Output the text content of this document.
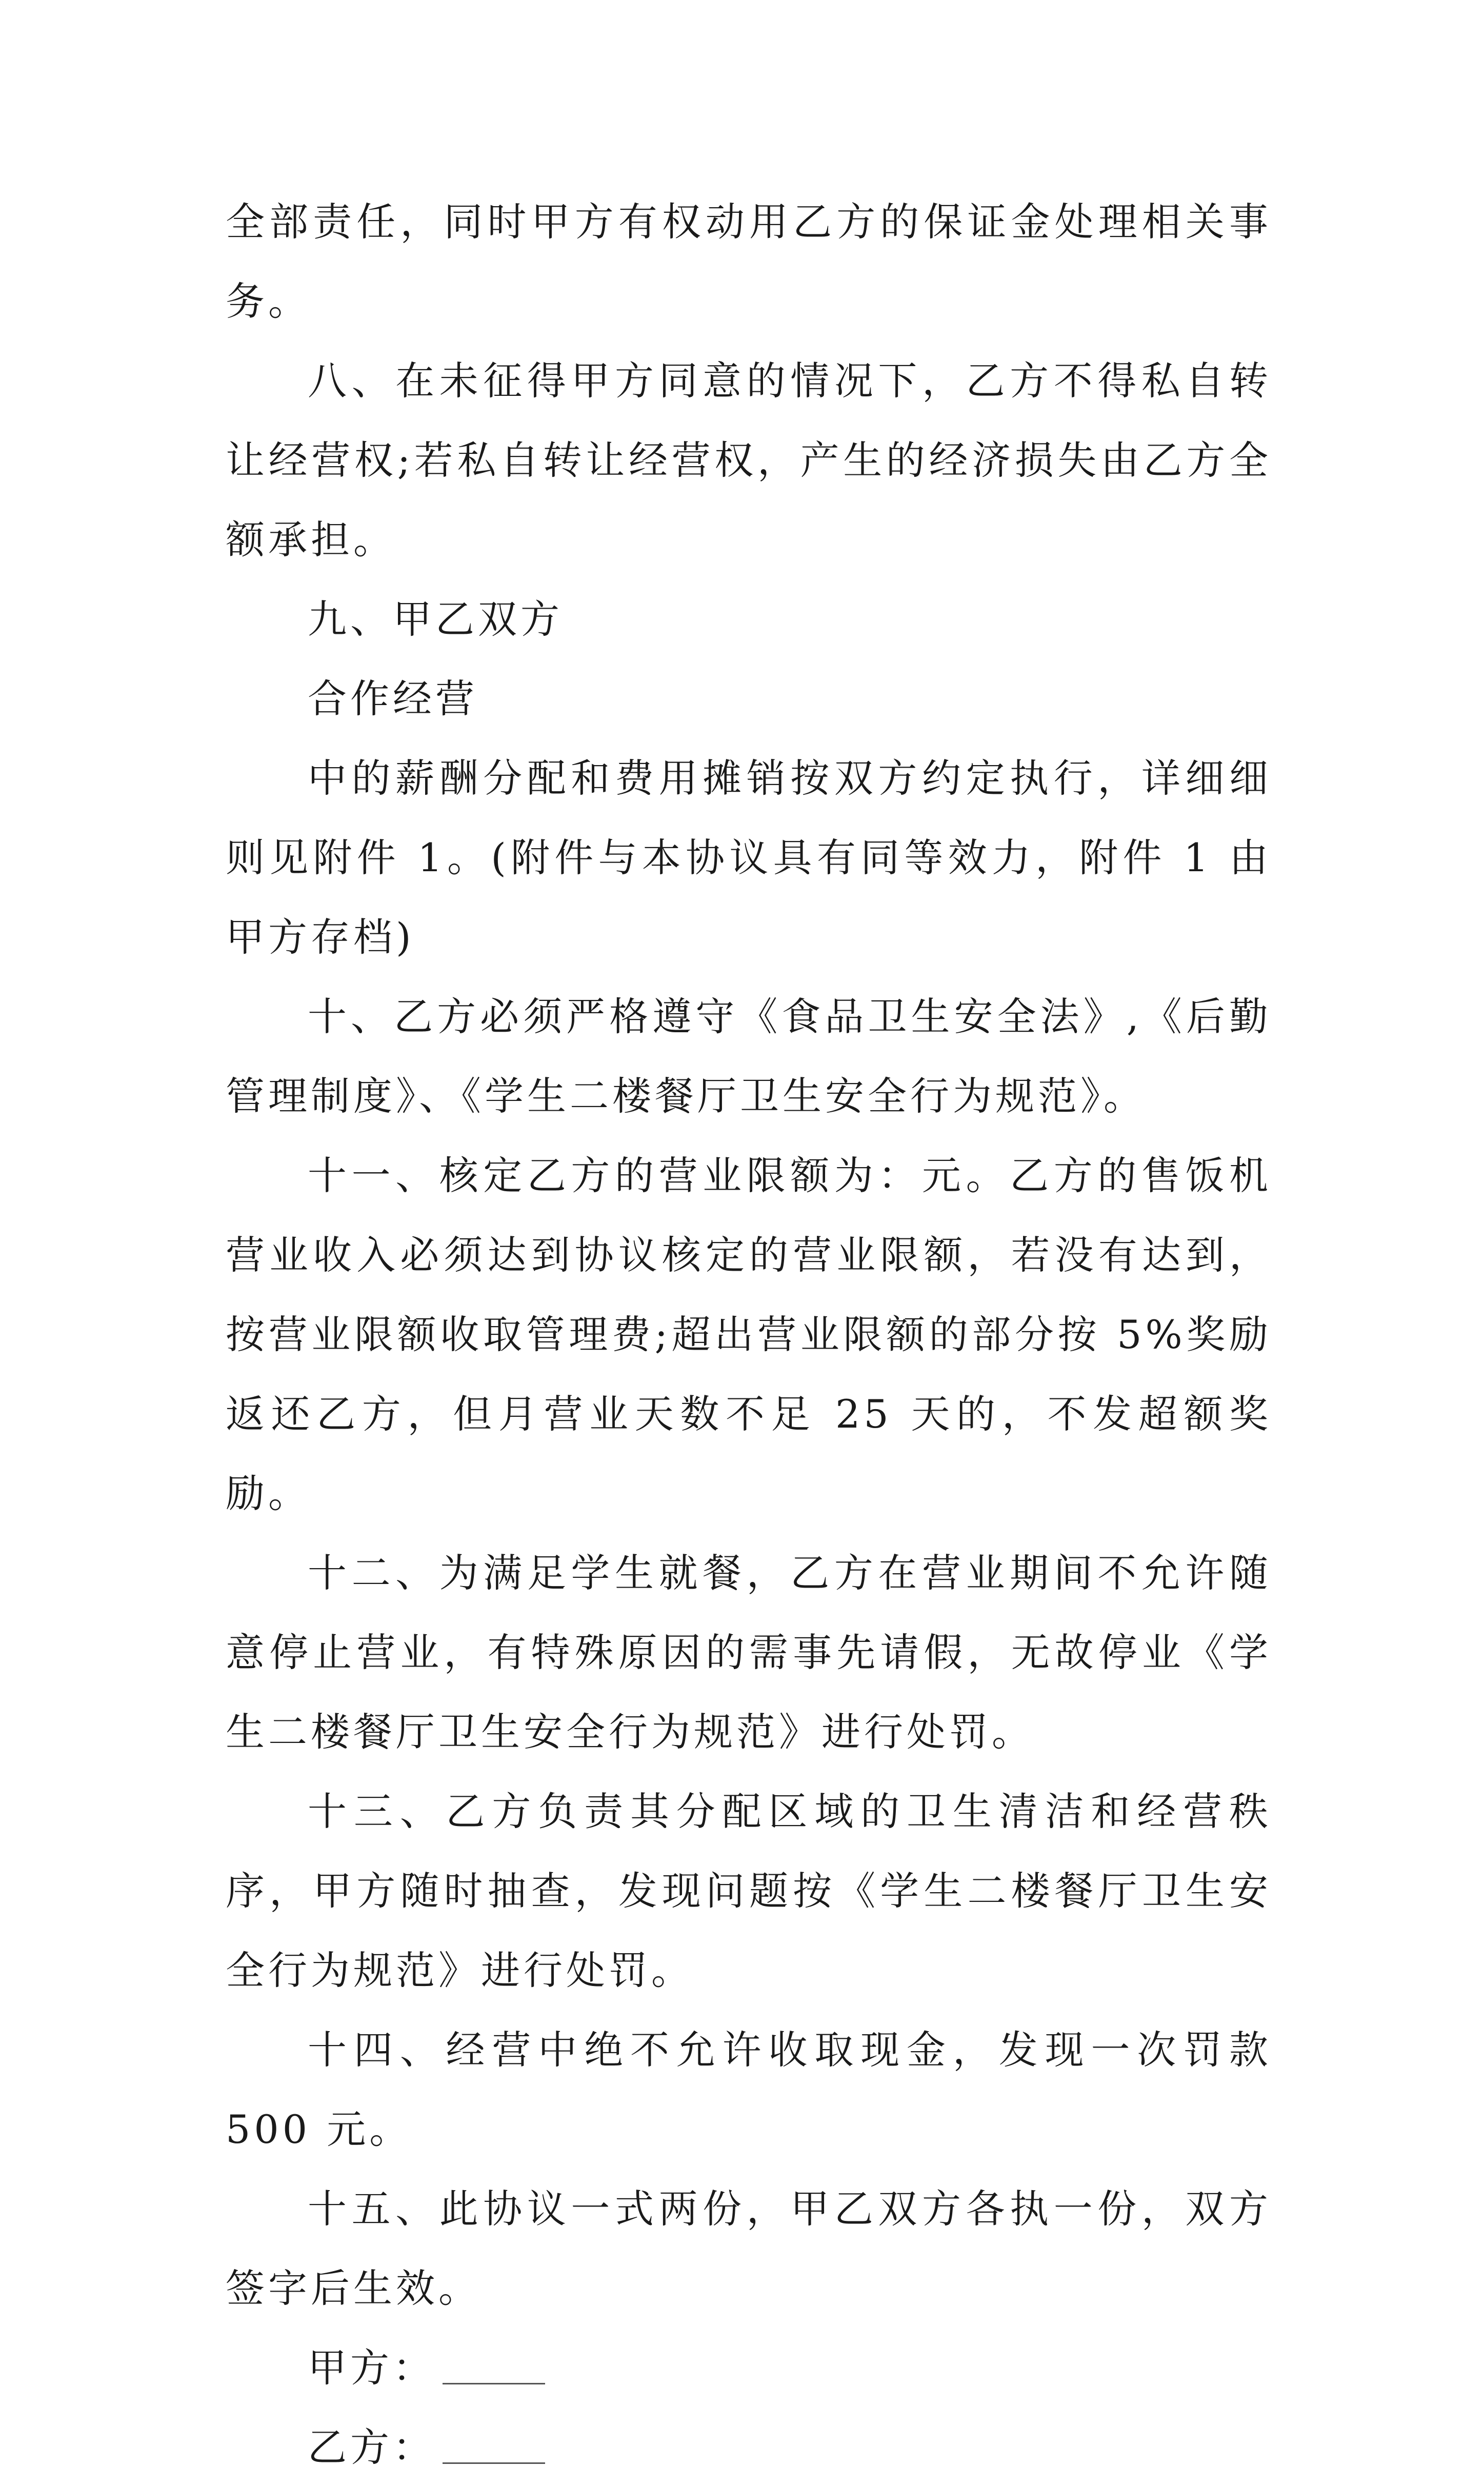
全部责任，同时甲方有权动用乙方的保证金处理相关事务。

八、在未征得甲方同意的情况下，乙方不得私自转让经营权;若私自转让经营权，产生的经济损失由乙方全额承担。

九、甲乙双方

合作经营

中的薪酬分配和费用摊销按双方约定执行，详细细则见附件 1。(附件与本协议具有同等效力，附件 1 由甲方存档)

十、乙方必须严格遵守《食品卫生安全法》,《后勤管理制度》、《学生二楼餐厅卫生安全行为规范》。

十一、核定乙方的营业限额为：元。乙方的售饭机营业收入必须达到协议核定的营业限额，若没有达到，按营业限额收取管理费;超出营业限额的部分按 5%奖励返还乙方，但月营业天数不足 25 天的，不发超额奖励。

十二、为满足学生就餐，乙方在营业期间不允许随意停止营业，有特殊原因的需事先请假，无故停业《学生二楼餐厅卫生安全行为规范》进行处罚。

十三、乙方负责其分配区域的卫生清洁和经营秩序，甲方随时抽查，发现问题按《学生二楼餐厅卫生安全行为规范》进行处罚。

十四、经营中绝不允许收取现金，发现一次罚款 500 元。

十五、此协议一式两份，甲乙双方各执一份，双方签字后生效。

甲方：

乙方：
